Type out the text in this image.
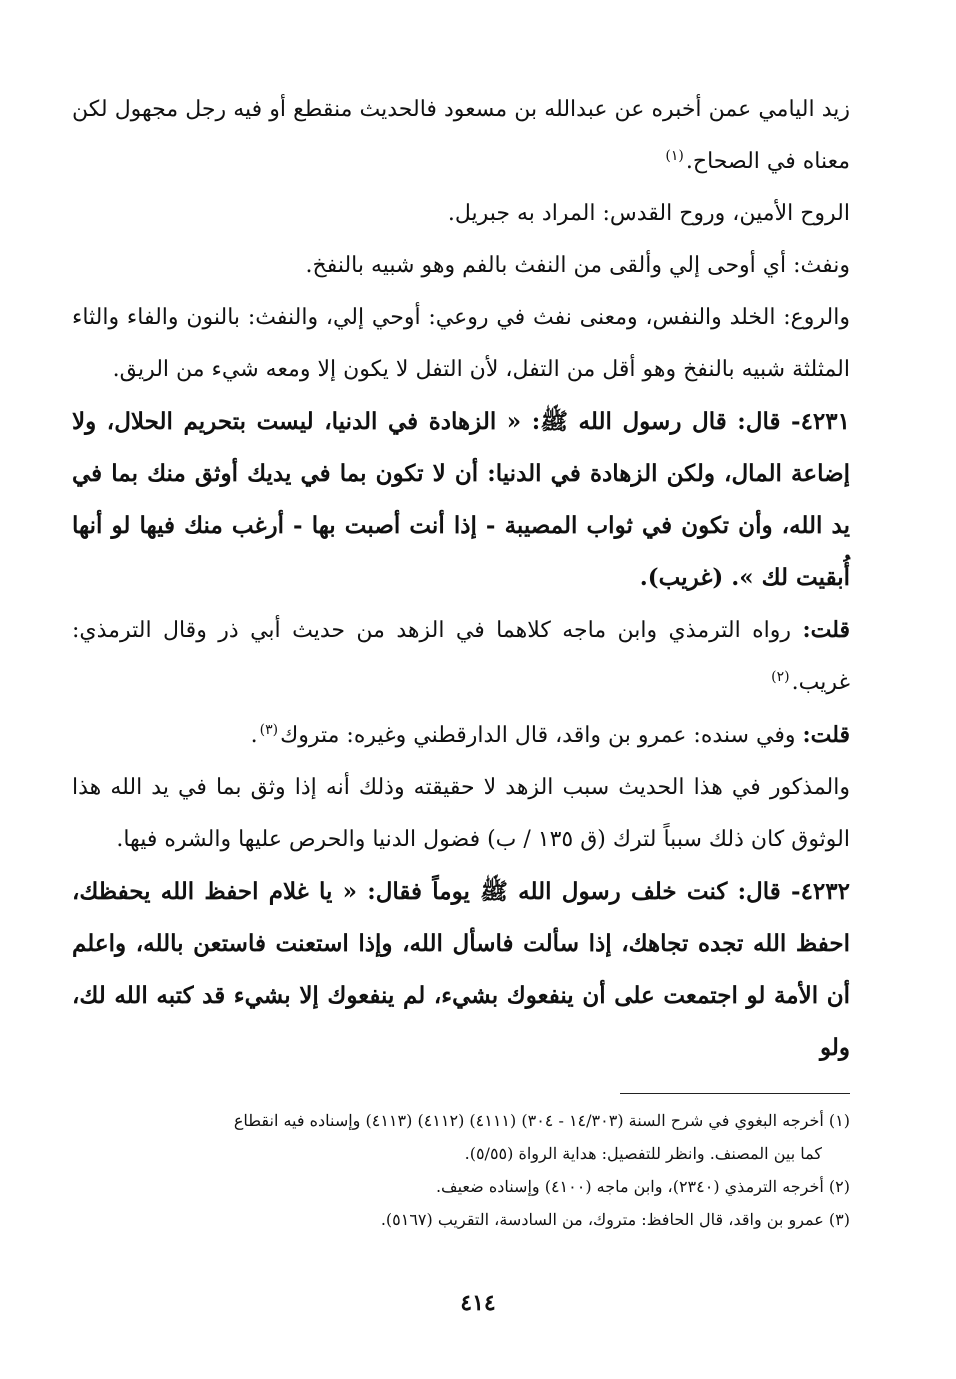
زيد اليامي عمن أخبره عن عبدالله بن مسعود فالحديث منقطع أو فيه رجل مجهول لكن معناه في الصحاح.$^{(١)}$

الروح الأمين، وروح القدس: المراد به جبريل.

ونفث: أي أوحى إلي وألقى من النفث بالفم وهو شبيه بالنفخ.

والروع: الخلد والنفس، ومعنى نفث في روعي: أوحي إلي، والنفث: بالنون والفاء والثاء المثلثة شبيه بالنفخ وهو أقل من التفل، لأن التفل لا يكون إلا ومعه شيء من الريق.

٤٢٣١- قال: قال رسول الله ﷺ: « الزهادة في الدنيا، ليست بتحريم الحلال، ولا إضاعة المال، ولكن الزهادة في الدنيا: أن لا تكون بما في يديك أوثق منك بما في يد الله، وأن تكون في ثواب المصيبة - إذا أنت أصبت بها - أرغب منك فيها لو أنها أُبقيت لك ». (غريب).

قلت: رواه الترمذي وابن ماجه كلاهما في الزهد من حديث أبي ذر وقال الترمذي: غريب.$^{(٢)}$

قلت: وفي سنده: عمرو بن واقد، قال الدارقطني وغيره: متروك$^{(٣)}$.

والمذكور في هذا الحديث سبب الزهد لا حقيقته وذلك أنه إذا وثق بما في يد الله هذا الوثوق كان ذلك سبباً لترك (ق ١٣٥ / ب) فضول الدنيا والحرص عليها والشره فيها.

٤٢٣٢- قال: كنت خلف رسول الله ﷺ يوماً فقال: « يا غلام احفظ الله يحفظك، احفظ الله تجده تجاهك، إذا سألت فاسأل الله، وإذا استعنت فاستعن بالله، واعلم أن الأمة لو اجتمعت على أن ينفعوك بشيء، لم ينفعوك إلا بشيء قد كتبه الله لك، ولو

(١) أخرجه البغوي في شرح السنة (١٤/٣٠٣ - ٣٠٤) (٤١١١) (٤١١٢) (٤١١٣) وإسناده فيه انقطاع

كما بين المصنف. وانظر للتفصيل: هداية الرواة (٥/٥٥).

(٢) أخرجه الترمذي (٢٣٤٠)، وابن ماجه (٤١٠٠) وإسناده ضعيف.

(٣) عمرو بن واقد، قال الحافظ: متروك، من السادسة، التقريب (٥١٦٧).

٤١٤
